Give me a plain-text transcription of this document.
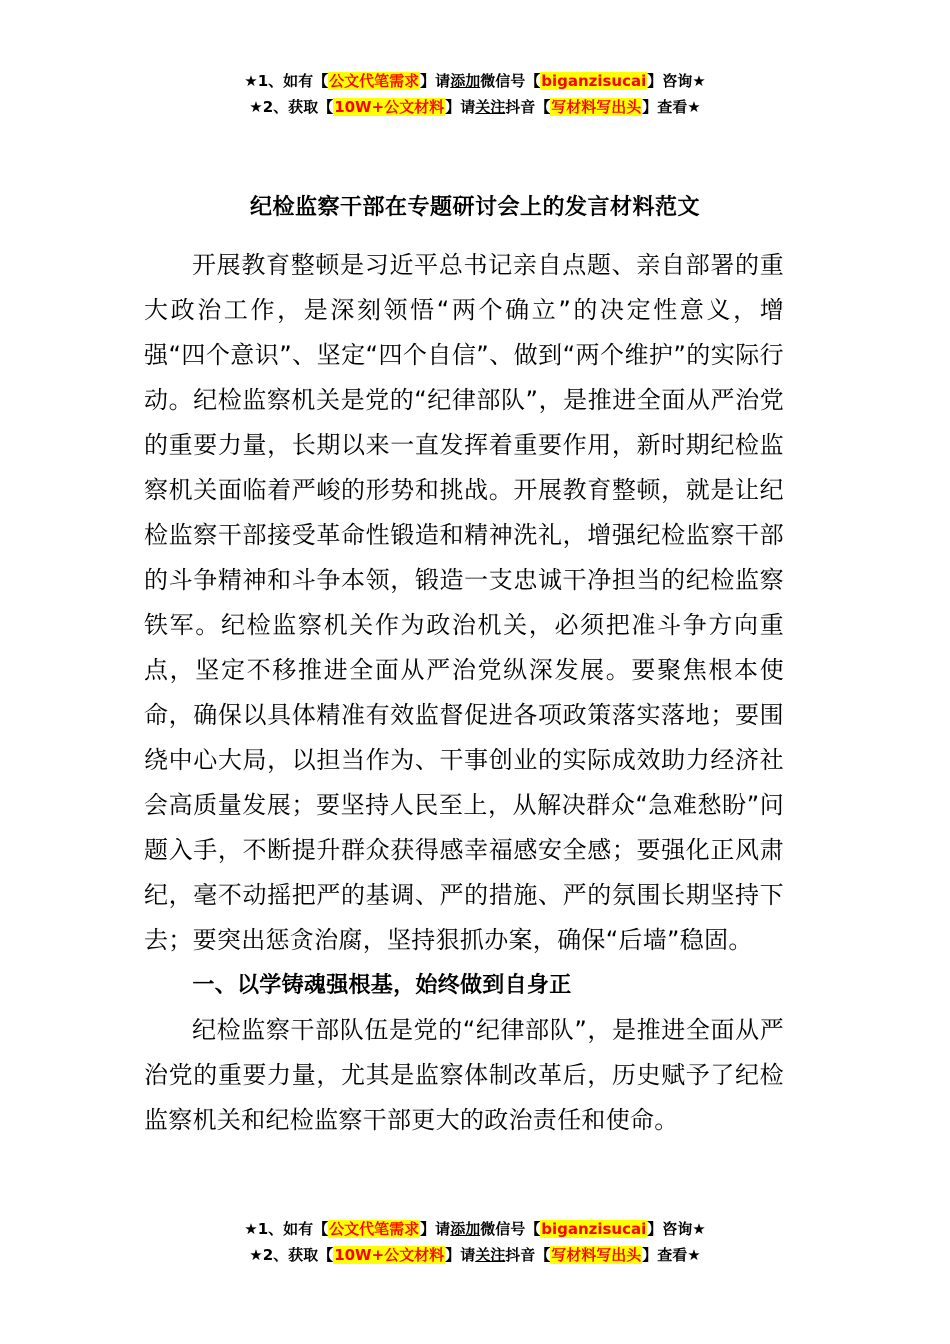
★1、如有【公文代笔需求】请添加微信号【biganzisucai】咨询★
★2、获取【10W+公文材料】请关注抖音【写材料写出头】查看★
纪检监察干部在专题研讨会上的发言材料范文

开展教育整顿是习近平总书记亲自点题、亲自部署的重大政治工作，是深刻领悟“两个确立”的决定性意义，增强“四个意识”、坚定“四个自信”、做到“两个维护”的实际行动。纪检监察机关是党的“纪律部队”，是推进全面从严治党的重要力量，长期以来一直发挥着重要作用，新时期纪检监察机关面临着严峻的形势和挑战。开展教育整顿，就是让纪检监察干部接受革命性锻造和精神洗礼，增强纪检监察干部的斗争精神和斗争本领，锻造一支忠诚干净担当的纪检监察铁军。纪检监察机关作为政治机关，必须把准斗争方向重点，坚定不移推进全面从严治党纵深发展。要聚焦根本使命，确保以具体精准有效监督促进各项政策落实落地；要围绕中心大局，以担当作为、干事创业的实际成效助力经济社会高质量发展；要坚持人民至上，从解决群众“急难愁盼”问题入手，不断提升群众获得感幸福感安全感；要强化正风肃纪，毫不动摇把严的基调、严的措施、严的氛围长期坚持下去；要突出惩贪治腐，坚持狠抓办案，确保“后墙”稳固。

一、以学铸魂强根基，始终做到自身正

纪检监察干部队伍是党的“纪律部队”，是推进全面从严治党的重要力量，尤其是监察体制改革后，历史赋予了纪检监察机关和纪检监察干部更大的政治责任和使命。

★1、如有【公文代笔需求】请添加微信号【biganzisucai】咨询★
★2、获取【10W+公文材料】请关注抖音【写材料写出头】查看★
